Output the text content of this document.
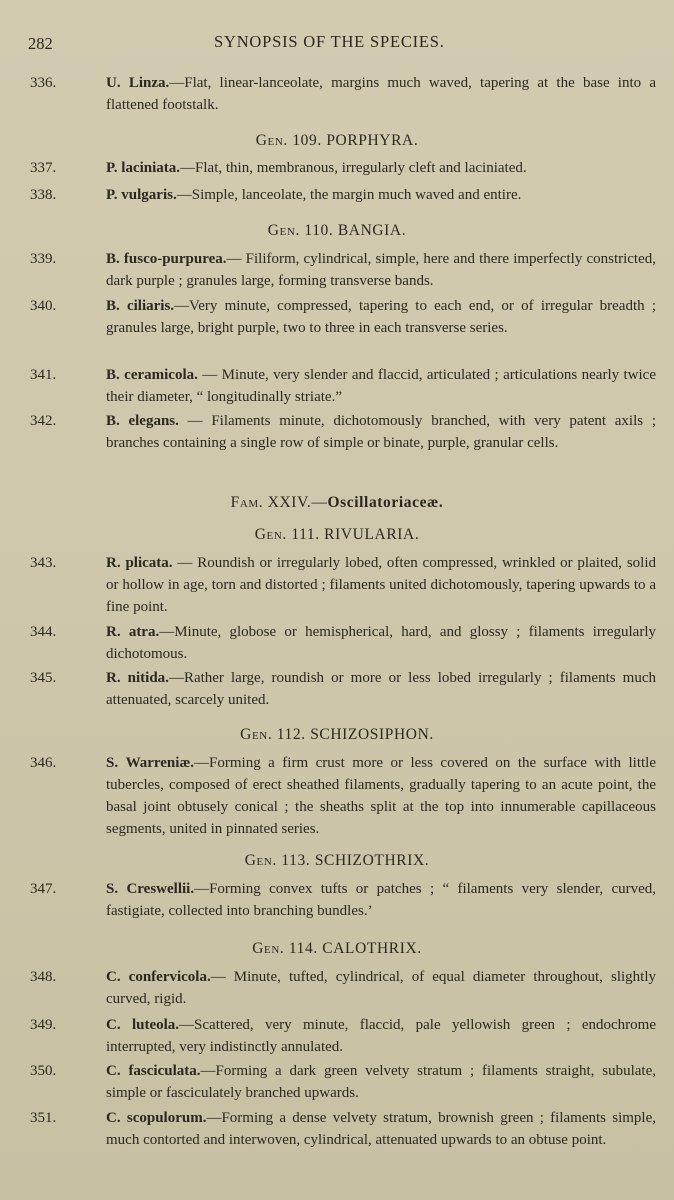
282	SYNOPSIS OF THE SPECIES.
336.	U. Linza.—Flat, linear-lanceolate, margins much waved, tapering at the base into a flattened footstalk.
Gen. 109. PORPHYRA.
337.	P. laciniata.—Flat, thin, membranous, irregularly cleft and laciniated.
338.	P. vulgaris.—Simple, lanceolate, the margin much waved and entire.
Gen. 110. BANGIA.
339.	B. fusco-purpurea.— Filiform, cylindrical, simple, here and there imperfectly constricted, dark purple ; granules large, forming transverse bands.
340.	B. ciliaris.—Very minute, compressed, tapering to each end, or of irregular breadth ; granules large, bright purple, two to three in each transverse series.
341.	B. ceramicola. — Minute, very slender and flaccid, articulated ; articulations nearly twice their diameter, “ longitudinally striate.”
342.	B. elegans. — Filaments minute, dichotomously branched, with very patent axils ; branches containing a single row of simple or binate, purple, granular cells.
Fam. XXIV.—Oscillatoriaceæ.
Gen. 111. RIVULARIA.
343.	R. plicata. — Roundish or irregularly lobed, often compressed, wrinkled or plaited, solid or hollow in age, torn and distorted ; filaments united dichotomously, tapering upwards to a fine point.
344.	R. atra.—Minute, globose or hemispherical, hard, and glossy ; filaments irregularly dichotomous.
345.	R. nitida.—Rather large, roundish or more or less lobed irregularly ; filaments much attenuated, scarcely united.
Gen. 112. SCHIZOSIPHON.
346.	S. Warreniæ.—Forming a firm crust more or less covered on the surface with little tubercles, composed of erect sheathed filaments, gradually tapering to an acute point, the basal joint obtusely conical ; the sheaths split at the top into innumerable capillaceous segments, united in pinnated series.
Gen. 113. SCHIZOTHRIX.
347.	S. Creswellii.—Forming convex tufts or patches ; “ filaments very slender, curved, fastigiate, collected into branching bundles.’
Gen. 114. CALOTHRIX.
348.	C. confervicola.— Minute, tufted, cylindrical, of equal diameter throughout, slightly curved, rigid.
349.	C. luteola.—Scattered, very minute, flaccid, pale yellowish green ; endochrome interrupted, very indistinctly annulated.
350.	C. fasciculata.—Forming a dark green velvety stratum ; filaments straight, subulate, simple or fasciculately branched upwards.
351.	C. scopulorum.—Forming a dense velvety stratum, brownish green ; filaments simple, much contorted and interwoven, cylindrical, attenuated upwards to an obtuse point.
